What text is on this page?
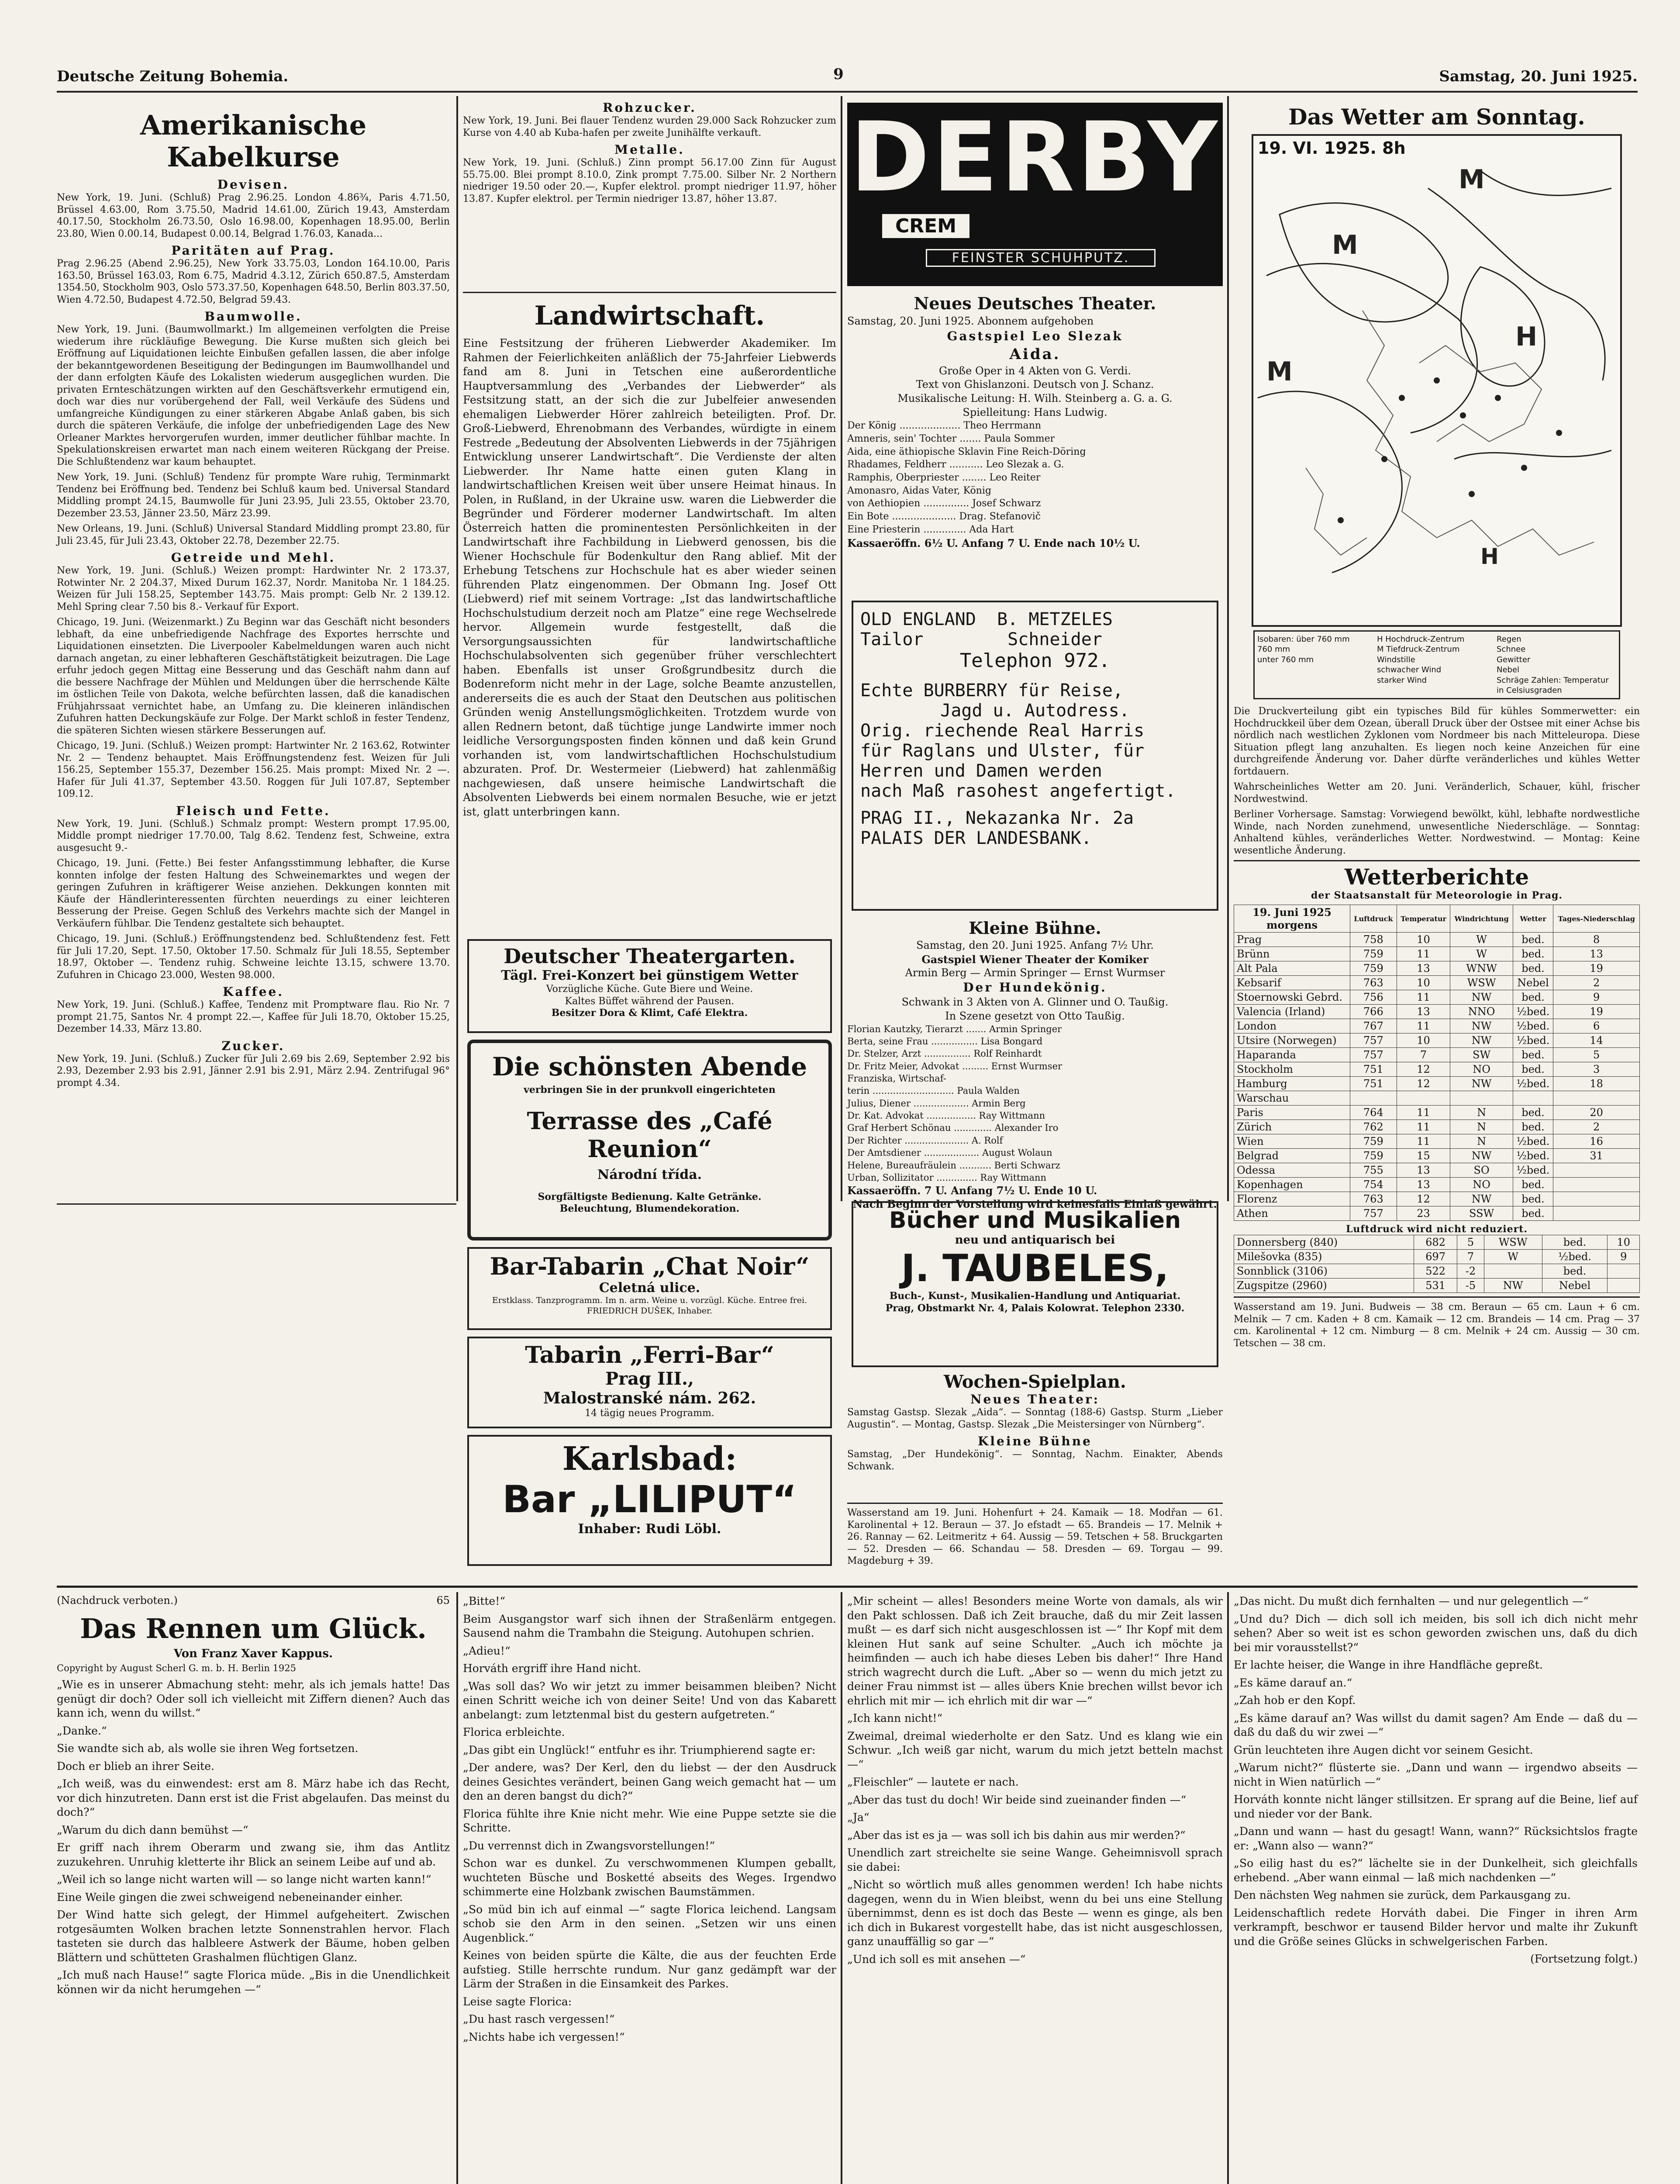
Deutsche Zeitung Bohemia.	9	Samstag, 20. Juni 1925.
Amerikanische Kabelkurse
Devisen.

New York, 19. Juni. (Schluß) Prag 2.96.25. London 4.86¾, Paris 4.71.50, Brüssel 4.63.00, Rom 3.75.50, Madrid 14.61.00, Zürich 19.43, Amsterdam 40.17.50, Stockholm 26.73.50, Oslo 16.98.00, Kopenhagen 18.95.00, Berlin 23.80, Wien 0.00.14, Budapest 0.00.14, Belgrad 1.76.03, Kanada...

Paritäten auf Prag.

Prag 2.96.25 (Abend 2.96.25), New York 33.75.03, London 164.10.00, Paris 163.50, Brüssel 163.03, Rom 6.75, Madrid 4.3.12, Zürich 650.87.5, Amsterdam 1354.50, Stockholm 903, Oslo 573.37.50, Kopenhagen 648.50, Berlin 803.37.50, Wien 4.72.50, Budapest 4.72.50, Belgrad 59.43.

Baumwolle.

New York, 19. Juni. (Baumwollmarkt.) Im allgemeinen verfolgten die Preise wiederum ihre rückläufige Bewegung. Die Kurse mußten sich gleich bei Eröffnung auf Liquidationen leichte Einbußen gefallen lassen, die aber infolge der bekanntgewordenen Beseitigung der Bedingungen im Baumwollhandel und der dann erfolgten Käufe des Lokalisten wiederum ausgeglichen wurden. Die privaten Ernteschätzungen wirkten auf den Geschäftsverkehr ermutigend ein, doch war dies nur vorübergehend der Fall, weil Verkäufe des Südens und umfangreiche Kündigungen zu einer stärkeren Abgabe Anlaß gaben, bis sich durch die späteren Verkäufe, die infolge der unbefriedigenden Lage des New Orleaner Marktes hervorgerufen wurden, immer deutlicher fühlbar machte. In Spekulationskreisen erwartet man nach einem weiteren Rückgang der Preise. Die Schlußtendenz war kaum behauptet.

New York, 19. Juni. (Schluß) Tendenz für prompte Ware ruhig, Terminmarkt Tendenz bei Eröffnung bed. Tendenz bei Schluß kaum bed. Universal Standard Middling prompt 24.15, Baumwolle für Juni 23.95, Juli 23.55, Oktober 23.70, Dezember 23.53, Jänner 23.50, März 23.99.

New Orleans, 19. Juni. (Schluß) Universal Standard Middling prompt 23.80, für Juli 23.45, für Juli 23.43, Oktober 22.78, Dezember 22.75.

Getreide und Mehl.

New York, 19. Juni. (Schluß.) Weizen prompt: Hardwinter Nr. 2 173.37, Rotwinter Nr. 2 204.37, Mixed Durum 162.37, Nordr. Manitoba Nr. 1 184.25. Weizen für Juli 158.25, September 143.75. Mais prompt: Gelb Nr. 2 139.12. Mehl Spring clear 7.50 bis 8.- Verkauf für Export.

Chicago, 19. Juni. (Weizenmarkt.) Zu Beginn war das Geschäft nicht besonders lebhaft, da eine unbefriedigende Nachfrage des Exportes herrschte und Liquidationen einsetzten. Die Liverpooler Kabelmeldungen waren auch nicht darnach angetan, zu einer lebhafteren Geschäftstätigkeit beizutragen. Die Lage erfuhr jedoch gegen Mittag eine Besserung und das Geschäft nahm dann auf die bessere Nachfrage der Mühlen und Meldungen über die herrschende Kälte im östlichen Teile von Dakota, welche befürchten lassen, daß die kanadischen Frühjahrssaat vernichtet habe, an Umfang zu. Die kleineren inländischen Zufuhren hatten Deckungskäufe zur Folge. Der Markt schloß in fester Tendenz, die späteren Sichten wiesen stärkere Besserungen auf.

Chicago, 19. Juni. (Schluß.) Weizen prompt: Hartwinter Nr. 2 163.62, Rotwinter Nr. 2 — Tendenz behauptet. Mais Eröffnungstendenz fest. Weizen für Juli 156.25, September 155.37, Dezember 156.25. Mais prompt: Mixed Nr. 2 —. Hafer für Juli 41.37, September 43.50. Roggen für Juli 107.87, September 109.12.

Fleisch und Fette.

New York, 19. Juni. (Schluß.) Schmalz prompt: Western prompt 17.95.00, Middle prompt niedriger 17.70.00, Talg 8.62. Tendenz fest, Schweine, extra ausgesucht 9.-

Chicago, 19. Juni. (Fette.) Bei fester Anfangsstimmung lebhafter, die Kurse konnten infolge der festen Haltung des Schweinemarktes und wegen der geringen Zufuhren in kräftigerer Weise anziehen. Dekkungen konnten mit Käufe der Händlerinteressenten fürchten neuerdings zu einer leichteren Besserung der Preise. Gegen Schluß des Verkehrs machte sich der Mangel in Verkäufern fühlbar. Die Tendenz gestaltete sich behauptet.

Chicago, 19. Juni. (Schluß.) Eröffnungstendenz bed. Schlußtendenz fest. Fett für Juli 17.20, Sept. 17.50, Oktober 17.50. Schmalz für Juli 18.55, September 18.97, Oktober —. Tendenz ruhig. Schweine leichte 13.15, schwere 13.70. Zufuhren in Chicago 23.000, Westen 98.000.

Kaffee.

New York, 19. Juni. (Schluß.) Kaffee, Tendenz mit Promptware flau. Rio Nr. 7 prompt 21.75, Santos Nr. 4 prompt 22.—, Kaffee für Juli 18.70, Oktober 15.25, Dezember 14.33, März 13.80.

Zucker.

New York, 19. Juni. (Schluß.) Zucker für Juli 2.69 bis 2.69, September 2.92 bis 2.93, Dezember 2.93 bis 2.91, Jänner 2.91 bis 2.91, März 2.94. Zentrifugal 96° prompt 4.34.

Rohzucker.

New York, 19. Juni. Bei flauer Tendenz wurden 29.000 Sack Rohzucker zum Kurse von 4.40 ab Kuba-hafen per zweite Junihälfte verkauft.

Metalle.

New York, 19. Juni. (Schluß.) Zinn prompt 56.17.00 Zinn für August 55.75.00. Blei prompt 8.10.0, Zink prompt 7.75.00. Silber Nr. 2 Northern niedriger 19.50 oder 20.—, Kupfer elektrol. prompt niedriger 11.97, höher 13.87. Kupfer elektrol. per Termin niedriger 13.87, höher 13.87.

Landwirtschaft.

Eine Festsitzung der früheren Liebwerder Akademiker. Im Rahmen der Feierlichkeiten anläßlich der 75-Jahrfeier Liebwerds fand am 8. Juni in Tetschen eine außerordentliche Hauptversammlung des „Verbandes der Liebwerder“ als Festsitzung statt, an der sich die zur Jubelfeier anwesenden ehemaligen Liebwerder Hörer zahlreich beteiligten. Prof. Dr. Groß-Liebwerd, Ehrenobmann des Verbandes, würdigte in einem Festrede „Bedeutung der Absolventen Liebwerds in der 75jährigen Entwicklung unserer Landwirtschaft“. Die Verdienste der alten Liebwerder. Ihr Name hatte einen guten Klang in landwirtschaftlichen Kreisen weit über unsere Heimat hinaus. In Polen, in Rußland, in der Ukraine usw. waren die Liebwerder die Begründer und Förderer moderner Landwirtschaft. Im alten Österreich hatten die prominentesten Persönlichkeiten in der Landwirtschaft ihre Fachbildung in Liebwerd genossen, bis die Wiener Hochschule für Bodenkultur den Rang ablief. Mit der Erhebung Tetschens zur Hochschule hat es aber wieder seinen führenden Platz eingenommen. Der Obmann Ing. Josef Ott (Liebwerd) rief mit seinem Vortrage: „Ist das landwirtschaftliche Hochschulstudium derzeit noch am Platze“ eine rege Wechselrede hervor. Allgemein wurde festgestellt, daß die Versorgungsaussichten für landwirtschaftliche Hochschulabsolventen sich gegenüber früher verschlechtert haben. Ebenfalls ist unser Großgrundbesitz durch die Bodenreform nicht mehr in der Lage, solche Beamte anzustellen, andererseits die es auch der Staat den Deutschen aus politischen Gründen wenig Anstellungsmöglichkeiten. Trotzdem wurde von allen Rednern betont, daß tüchtige junge Landwirte immer noch leidliche Versorgungsposten finden können und daß kein Grund vorhanden ist, vom landwirtschaftlichen Hochschulstudium abzuraten. Prof. Dr. Westermeier (Liebwerd) hat zahlenmäßig nachgewiesen, daß unsere heimische Landwirtschaft die Absolventen Liebwerds bei einem normalen Besuche, wie er jetzt ist, glatt unterbringen kann.

Deutscher Theatergarten.
Tägl. Frei-Konzert bei günstigem Wetter
Vorzügliche Küche. Gute Biere und Weine.
Kaltes Büffet während der Pausen.
Besitzer Dora & Klimt, Café Elektra.
Die schönsten Abende
verbringen Sie in der prunkvoll eingerichteten
Terrasse des „Café Reunion“
Národní třída.
Sorgfältigste Bedienung. Kalte Getränke.
Beleuchtung, Blumendekoration.
Bar-Tabarin „Chat Noir“
Celetná ulice.
Erstklass. Tanzprogramm. Im n. arm. Weine u. vorzügl. Küche. Entree frei. FRIEDRICH DUŠEK, Inhaber.
Tabarin „Ferri-Bar“
Prag III.,
Malostranské nám. 262.
14 tägig neues Programm.
Karlsbad:
Bar „LILIPUT“
Inhaber: Rudi Löbl.
DERBY
CREM
FEINSTER SCHUHPUTZ.
Neues Deutsches Theater.
Samstag, 20. Juni 1925. Abonnem aufgehoben
Gastspiel Leo Slezak
Aida.
Große Oper in 4 Akten von G. Verdi.
Text von Ghislanzoni. Deutsch von J. Schanz.
Musikalische Leitung: H. Wilh. Steinberg a. G. a. G.
Spielleitung: Hans Ludwig.
Der König .................... Theo Herrmann
Amneris, sein' Tochter ....... Paula Sommer
Aida, eine äthiopische Sklavin Fine Reich-Döring
Rhadames, Feldherr ........... Leo Slezak a. G.
Ramphis, Oberpriester ........ Leo Reiter
Amonasro, Aidas Vater, König
von Aethiopien ............... Josef Schwarz
Ein Bote ..................... Drag. Stefanovič
Eine Priesterin .............. Ada Hart
Kassaeröffn. 6½ U. Anfang 7 U. Ende nach 10½ U.
OLD ENGLAND  B. METZELES
Tailor        Schneider
Telephon 972.
Echte BURBERRY für Reise,
Jagd u. Autodress.
Orig. riechende Real Harris
für Raglans und Ulster, für
Herren und Damen werden
nach Maß rasohest angefertigt.
PRAG II., Nekazanka Nr. 2a
PALAIS DER LANDESBANK.
Kleine Bühne.
Samstag, den 20. Juni 1925. Anfang 7½ Uhr.
Gastspiel Wiener Theater der Komiker
Armin Berg — Armin Springer — Ernst Wurmser
Der Hundekönig.
Schwank in 3 Akten von A. Glinner und O. Taußig.
In Szene gesetzt von Otto Taußig.
Florian Kautzky, Tierarzt ....... Armin Springer
Berta, seine Frau ................ Lisa Bongard
Dr. Stelzer, Arzt ................ Rolf Reinhardt
Dr. Fritz Meier, Advokat ......... Ernst Wurmser
Franziska, Wirtschaf-
terin ............................ Paula Walden
Julius, Diener ................... Armin Berg
Dr. Kat. Advokat ................. Ray Wittmann
Graf Herbert Schönau ............. Alexander Iro
Der Richter ...................... A. Rolf
Der Amtsdiener ................... August Wolaun
Helene, Bureaufräulein ........... Berti Schwarz
Urban, Sollizitator .............. Ray Wittmann
Kassaeröffn. 7 U. Anfang 7½ U. Ende 10 U.
Nach Beginn der Vorstellung wird keinesfalls Einlaß gewährt.
Bücher und Musikalien
neu und antiquarisch bei
J. TAUBELES,
Buch-, Kunst-, Musikalien-Handlung und Antiquariat.
Prag, Obstmarkt Nr. 4, Palais Kolowrat. Telephon 2330.
Wochen-Spielplan.
Neues Theater:

Samstag Gastsp. Slezak „Aida“. — Sonntag (188-6) Gastsp. Sturm „Lieber Augustin“. — Montag, Gastsp. Slezak „Die Meistersinger von Nürnberg“.

Kleine Bühne

Samstag, „Der Hundekönig“. — Sonntag, Nachm. Einakter, Abends Schwank.

Wasserstand am 19. Juni. Hohenfurt + 24. Kamaik — 18. Modřan — 61. Karolinental + 12. Beraun — 37. Jo efstadt — 65. Brandeis — 17. Melnik + 26. Rannay — 62. Leitmeritz + 64. Aussig — 59. Tetschen + 58. Bruckgarten — 52. Dresden — 66. Schandau — 58. Dresden — 69. Torgau — 99. Magdeburg + 39.

Das Wetter am Sonntag.
19. VI. 1925. 8h
M
M
M
H
H
Isobaren: über 760 mm	H Hochdruck-Zentrum	Regen
760 mm	M Tiefdruck-Zentrum	Schnee
unter 760 mm	Windstille	Gewitter
schwacher Wind	Nebel
starker Wind	Schräge Zahlen: Temperatur in Celsiusgraden

Die Druckverteilung gibt ein typisches Bild für kühles Sommerwetter: ein Hochdruckkeil über dem Ozean, überall Druck über der Ostsee mit einer Achse bis nördlich nach westlichen Zyklonen vom Nordmeer bis nach Mitteleuropa. Diese Situation pflegt lang anzuhalten. Es liegen noch keine Anzeichen für eine durchgreifende Änderung vor. Daher dürfte veränderliches und kühles Wetter fortdauern.

Wahrscheinliches Wetter am 20. Juni. Veränderlich, Schauer, kühl, frischer Nordwestwind.

Berliner Vorhersage. Samstag: Vorwiegend bewölkt, kühl, lebhafte nordwestliche Winde, nach Norden zunehmend, unwesentliche Niederschläge. — Sonntag: Anhaltend kühles, veränderliches Wetter. Nordwestwind. — Montag: Keine wesentliche Änderung.

Wetterberichte
der Staatsanstalt für Meteorologie in Prag.
19. Juni 1925
morgens	Luftdruck	Temperatur	Windrichtung	Wetter	Tages-Niederschlag
Prag	758	10	W	bed.	8
Brünn	759	11	W	bed.	13
Alt Pala	759	13	WNW	bed.	19
Kebsarif	763	10	WSW	Nebel	2
Stoernowski Gebrd.	756	11	NW	bed.	9
Valencia (Irland)	766	13	NNO	½bed.	19
London	767	11	NW	½bed.	6
Utsire (Norwegen)	757	10	NW	½bed.	14
Haparanda	757	7	SW	bed.	5
Stockholm	751	12	NO	bed.	3
Hamburg	751	12	NW	½bed.	18
Warschau					
Paris	764	11	N	bed.	20
Zürich	762	11	N	bed.	2
Wien	759	11	N	½bed.	16
Belgrad	759	15	NW	½bed.	31
Odessa	755	13	SO	½bed.	
Kopenhagen	754	13	NO	bed.	
Florenz	763	12	NW	bed.	
Athen	757	23	SSW	bed.	
Luftdruck wird nicht reduziert.
Donnersberg (840)	682	5	WSW	bed.	10
Milešovka (835)	697	7	W	½bed.	9
Sonnblick (3106)	522	-2		bed.	
Zugspitze (2960)	531	-5	NW	Nebel	

Wasserstand am 19. Juni. Budweis — 38 cm. Beraun — 65 cm. Laun + 6 cm. Melnik — 7 cm. Kaden + 8 cm. Kamaik — 12 cm. Brandeis — 14 cm. Prag — 37 cm. Karolinental + 12 cm. Nimburg — 8 cm. Melnik + 24 cm. Aussig — 30 cm. Tetschen — 38 cm.

(Nachdruck verboten.)	65
Das Rennen um Glück.
Von Franz Xaver Kappus.
Copyright by August Scherl G. m. b. H. Berlin 1925

„Wie es in unserer Abmachung steht: mehr, als ich jemals hatte! Das genügt dir doch? Oder soll ich vielleicht mit Ziffern dienen? Auch das kann ich, wenn du willst.“

„Danke.“

Sie wandte sich ab, als wolle sie ihren Weg fortsetzen.

Doch er blieb an ihrer Seite.

„Ich weiß, was du einwendest: erst am 8. März habe ich das Recht, vor dich hinzutreten. Dann erst ist die Frist abgelaufen. Das meinst du doch?“

„Warum du dich dann bemühst —“

Er griff nach ihrem Oberarm und zwang sie, ihm das Antlitz zuzukehren. Unruhig kletterte ihr Blick an seinem Leibe auf und ab.

„Weil ich so lange nicht warten will — so lange nicht warten kann!“

Eine Weile gingen die zwei schweigend nebeneinander einher.

Der Wind hatte sich gelegt, der Himmel aufgeheitert. Zwischen rotgesäumten Wolken brachen letzte Sonnenstrahlen hervor. Flach tasteten sie durch das halbleere Astwerk der Bäume, hoben gelben Blättern und schütteten Grashalmen flüchtigen Glanz.

„Ich muß nach Hause!“ sagte Florica müde. „Bis in die Unendlichkeit können wir da nicht herumgehen —“

„Bitte!“

Beim Ausgangstor warf sich ihnen der Straßenlärm entgegen. Sausend nahm die Trambahn die Steigung. Autohupen schrien.

„Adieu!“

Horváth ergriff ihre Hand nicht.

„Was soll das? Wo wir jetzt zu immer beisammen bleiben? Nicht einen Schritt weiche ich von deiner Seite! Und von das Kabarett anbelangt: zum letztenmal bist du gestern aufgetreten.“

Florica erbleichte.

„Das gibt ein Unglück!“ entfuhr es ihr. Triumphierend sagte er:

„Der andere, was? Der Kerl, den du liebst — der den Ausdruck deines Gesichtes verändert, beinen Gang weich gemacht hat — um den an deren bangst du dich?“

Florica fühlte ihre Knie nicht mehr. Wie eine Puppe setzte sie die Schritte.

„Du verrennst dich in Zwangsvorstellungen!“

Schon war es dunkel. Zu verschwommenen Klumpen geballt, wuchteten Büsche und Bosketté abseits des Weges. Irgendwo schimmerte eine Holzbank zwischen Baumstämmen.

„So müd bin ich auf einmal —“ sagte Florica leichend. Langsam schob sie den Arm in den seinen. „Setzen wir uns einen Augenblick.“

Keines von beiden spürte die Kälte, die aus der feuchten Erde aufstieg. Stille herrschte rundum. Nur ganz gedämpft war der Lärm der Straßen in die Einsamkeit des Parkes.

Leise sagte Florica:

„Du hast rasch vergessen!“

„Nichts habe ich vergessen!“

„Mir scheint — alles! Besonders meine Worte von damals, als wir den Pakt schlossen. Daß ich Zeit brauche, daß du mir Zeit lassen mußt — es darf sich nicht ausgeschlossen ist —“ Ihr Kopf mit dem kleinen Hut sank auf seine Schulter. „Auch ich möchte ja heimfinden — auch ich habe dieses Leben bis daher!“ Ihre Hand strich wagrecht durch die Luft. „Aber so — wenn du mich jetzt zu deiner Frau nimmst ist — alles übers Knie brechen willst bevor ich ehrlich mit mir — ich ehrlich mit dir war —“

„Ich kann nicht!“

Zweimal, dreimal wiederholte er den Satz. Und es klang wie ein Schwur. „Ich weiß gar nicht, warum du mich jetzt betteln machst —“

„Fleischler“ — lautete er nach.

„Aber das tust du doch! Wir beide sind zueinander finden —“

„Ja“

„Aber das ist es ja — was soll ich bis dahin aus mir werden?“

Unendlich zart streichelte sie seine Wange. Geheimnisvoll sprach sie dabei:

„Nicht so wörtlich muß alles genommen werden! Ich habe nichts dagegen, wenn du in Wien bleibst, wenn du bei uns eine Stellung übernimmst, denn es ist doch das Beste — wenn es ginge, als ben ich dich in Bukarest vorgestellt habe, das ist nicht ausgeschlossen, ganz unauffällig so gar —“

„Und ich soll es mit ansehen —“

„Das nicht. Du mußt dich fernhalten — und nur gelegentlich —“

„Und du? Dich — dich soll ich meiden, bis soll ich dich nicht mehr sehen? Aber so weit ist es schon geworden zwischen uns, daß du dich bei mir vorausstellst?“

Er lachte heiser, die Wange in ihre Handfläche gepreßt.

„Es käme darauf an.“

„Zah hob er den Kopf.

„Es käme darauf an? Was willst du damit sagen? Am Ende — daß du — daß du daß du wir zwei —“

Grün leuchteten ihre Augen dicht vor seinem Gesicht.

„Warum nicht?“ flüsterte sie. „Dann und wann — irgendwo abseits — nicht in Wien natürlich —“

Horváth konnte nicht länger stillsitzen. Er sprang auf die Beine, lief auf und nieder vor der Bank.

„Dann und wann — hast du gesagt! Wann, wann?“ Rücksichtslos fragte er: „Wann also — wann?“

„So eilig hast du es?“ lächelte sie in der Dunkelheit, sich gleichfalls erhebend. „Aber wann einmal — laß mich nachdenken —“

Den nächsten Weg nahmen sie zurück, dem Parkausgang zu.

Leidenschaftlich redete Horváth dabei. Die Finger in ihren Arm verkrampft, beschwor er tausend Bilder hervor und malte ihr Zukunft und die Größe seines Glücks in schwelgerischen Farben.

(Fortsetzung folgt.)
